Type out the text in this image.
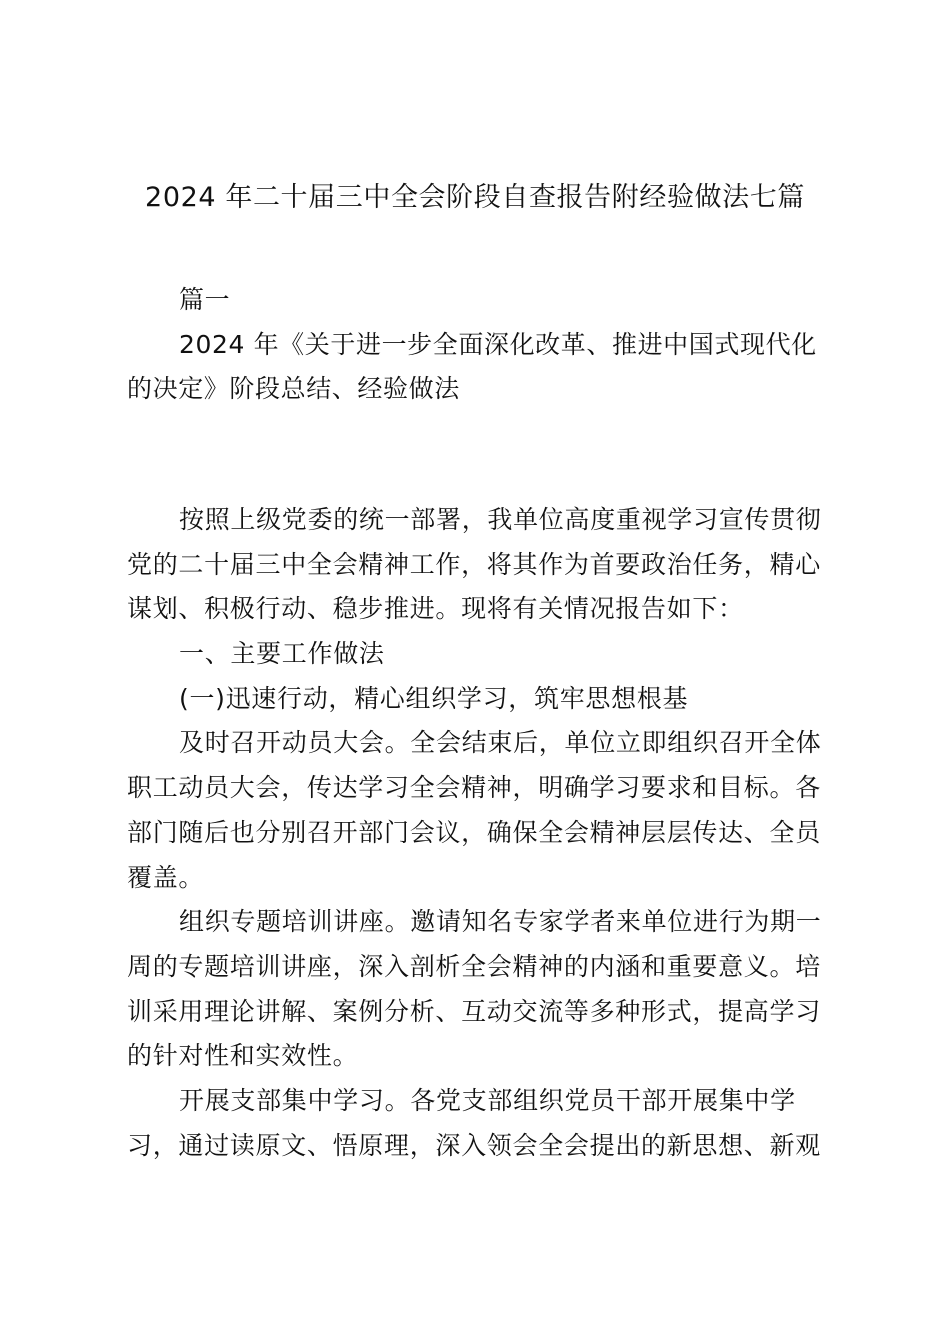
2024 年二十届三中全会阶段自查报告附经验做法七篇
篇一
2024 年《关于进一步全面深化改革、推进中国式现代化
的决定》阶段总结、经验做法
按照上级党委的统一部署，我单位高度重视学习宣传贯彻
党的二十届三中全会精神工作，将其作为首要政治任务，精心
谋划、积极行动、稳步推进。现将有关情况报告如下：
一、主要工作做法
(一)迅速行动，精心组织学习，筑牢思想根基
及时召开动员大会。全会结束后，单位立即组织召开全体
职工动员大会，传达学习全会精神，明确学习要求和目标。各
部门随后也分别召开部门会议，确保全会精神层层传达、全员
覆盖。
组织专题培训讲座。邀请知名专家学者来单位进行为期一
周的专题培训讲座，深入剖析全会精神的内涵和重要意义。培
训采用理论讲解、案例分析、互动交流等多种形式，提高学习
的针对性和实效性。
开展支部集中学习。各党支部组织党员干部开展集中学
习，通过读原文、悟原理，深入领会全会提出的新思想、新观
